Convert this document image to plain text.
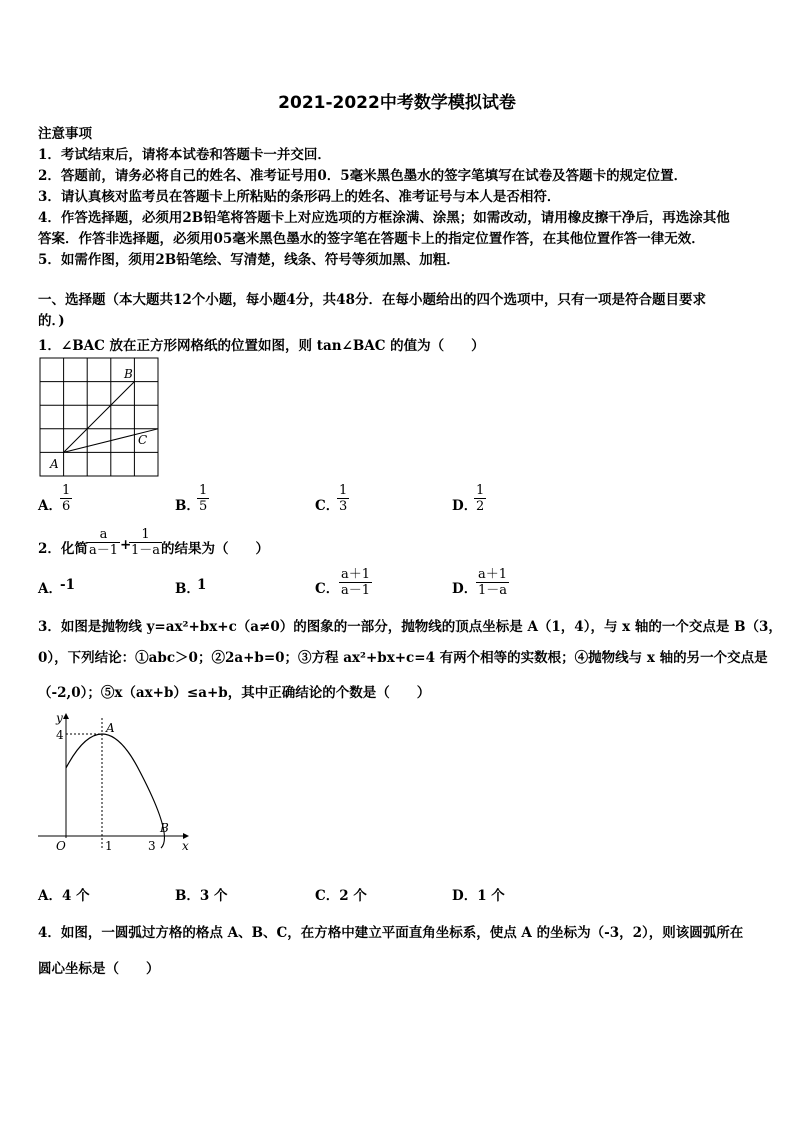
2021-2022中考数学模拟试卷
注意事项
1．考试结束后，请将本试卷和答题卡一并交回．
2．答题前，请务必将自己的姓名、准考证号用0．5毫米黑色墨水的签字笔填写在试卷及答题卡的规定位置．
3．请认真核对监考员在答题卡上所粘贴的条形码上的姓名、准考证号与本人是否相符．
4．作答选择题，必须用2B铅笔将答题卡上对应选项的方框涂满、涂黑；如需改动，请用橡皮擦干净后，再选涂其他
答案．作答非选择题，必须用05毫米黑色墨水的签字笔在答题卡上的指定位置作答，在其他位置作答一律无效．
5．如需作图，须用2B铅笔绘、写清楚，线条、符号等须加黑、加粗．
一、选择题（本大题共12个小题，每小题4分，共48分．在每小题给出的四个选项中，只有一项是符合题目要求
的．)
1．∠BAC 放在正方形网格纸的位置如图，则 tan∠BAC 的值为（　　）
A
B
C
A．
$\frac{1}{6}$	B．
$\frac{1}{5}$	C．
$\frac{1}{3}$	D．
$\frac{1}{2}$
2．化简 $\frac{a}{a-1}$ +
$\frac{1}{1-a}$
的结果为（　　）
A．
-1	B．
1	C． $\frac{a+1}{a-1}$	D．
$\frac{a+1}{1-a}$
3．如图是抛物线 y=ax²+bx+c（a≠0）的图象的一部分，抛物线的顶点坐标是 A（1，4），与 x 轴的一个交点是 B（3，
0），下列结论：①abc＞0；②2a+b=0；③方程 ax²+bx+c=4 有两个相等的实数根；④抛物线与 x 轴的另一个交点是
（-2,0）；⑤x（ax+b）≤a+b，其中正确结论的个数是（　　）
y
x
O
4
1	3
A
B
A．4 个	B．3 个	C．2 个	D．1 个
4．如图，一圆弧过方格的格点 A、B、C，在方格中建立平面直角坐标系，使点 A 的坐标为（-3，2），则该圆弧所在
圆心坐标是（　　）
